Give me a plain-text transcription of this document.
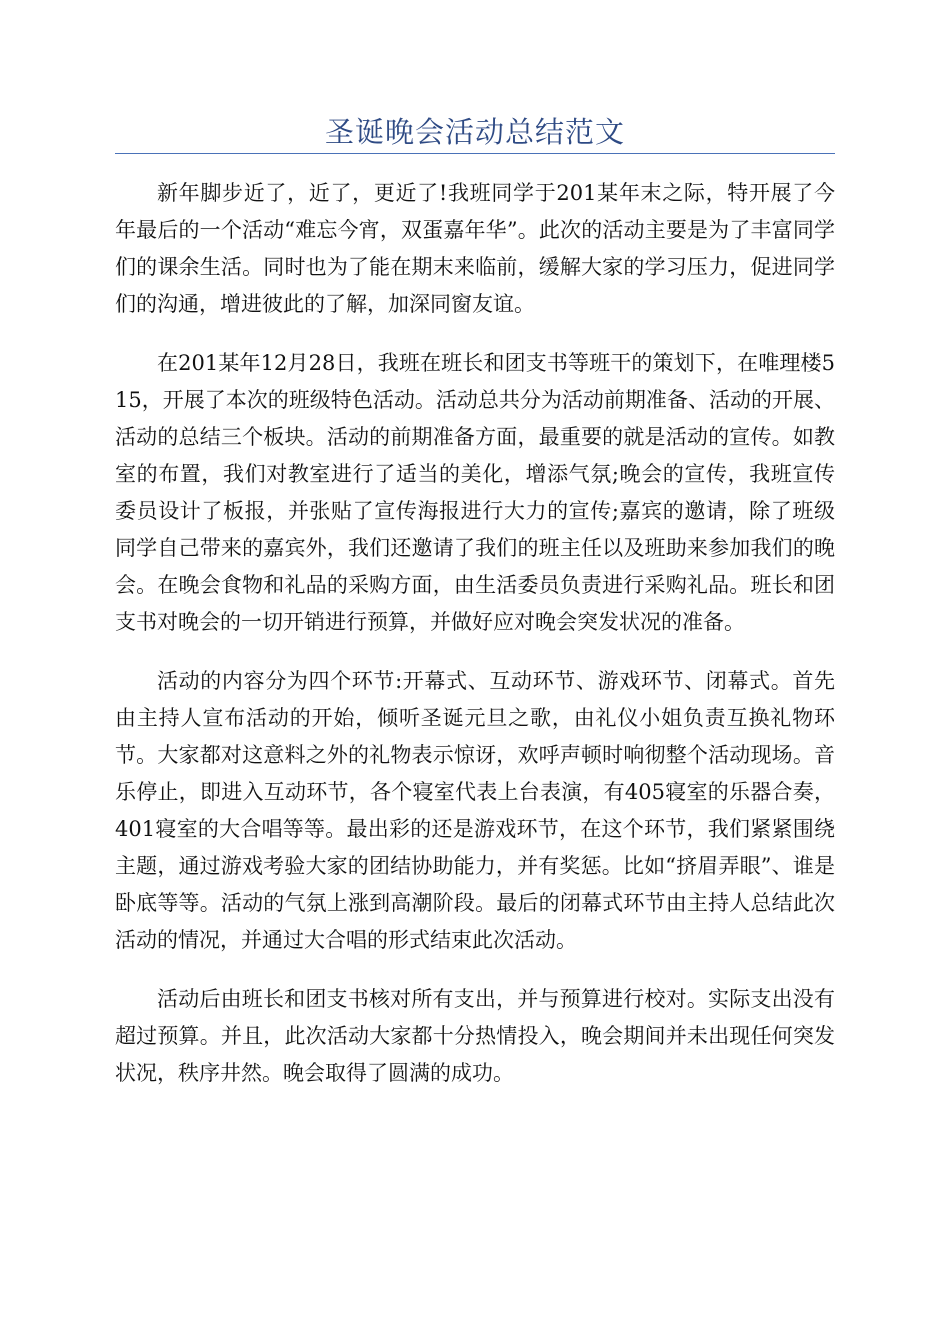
圣诞晚会活动总结范文

新年脚步近了，近了，更近了!我班同学于201某年末之际，特开展了今年最后的一个活动“难忘今宵，双蛋嘉年华”。此次的活动主要是为了丰富同学们的课余生活。同时也为了能在期末来临前，缓解大家的学习压力，促进同学们的沟通，增进彼此的了解，加深同窗友谊。

在201某年12月28日，我班在班长和团支书等班干的策划下，在唯理楼515，开展了本次的班级特色活动。活动总共分为活动前期准备、活动的开展、活动的总结三个板块。活动的前期准备方面，最重要的就是活动的宣传。如教室的布置，我们对教室进行了适当的美化，增添气氛;晚会的宣传，我班宣传委员设计了板报，并张贴了宣传海报进行大力的宣传;嘉宾的邀请，除了班级同学自己带来的嘉宾外，我们还邀请了我们的班主任以及班助来参加我们的晚会。在晚会食物和礼品的采购方面，由生活委员负责进行采购礼品。班长和团支书对晚会的一切开销进行预算，并做好应对晚会突发状况的准备。

活动的内容分为四个环节:开幕式、互动环节、游戏环节、闭幕式。首先由主持人宣布活动的开始，倾听圣诞元旦之歌，由礼仪小姐负责互换礼物环节。大家都对这意料之外的礼物表示惊讶，欢呼声顿时响彻整个活动现场。音乐停止，即进入互动环节，各个寝室代表上台表演，有405寝室的乐器合奏，401寝室的大合唱等等。最出彩的还是游戏环节，在这个环节，我们紧紧围绕主题，通过游戏考验大家的团结协助能力，并有奖惩。比如“挤眉弄眼”、谁是卧底等等。活动的气氛上涨到高潮阶段。最后的闭幕式环节由主持人总结此次活动的情况，并通过大合唱的形式结束此次活动。

活动后由班长和团支书核对所有支出，并与预算进行校对。实际支出没有超过预算。并且，此次活动大家都十分热情投入，晚会期间并未出现任何突发状况，秩序井然。晚会取得了圆满的成功。
